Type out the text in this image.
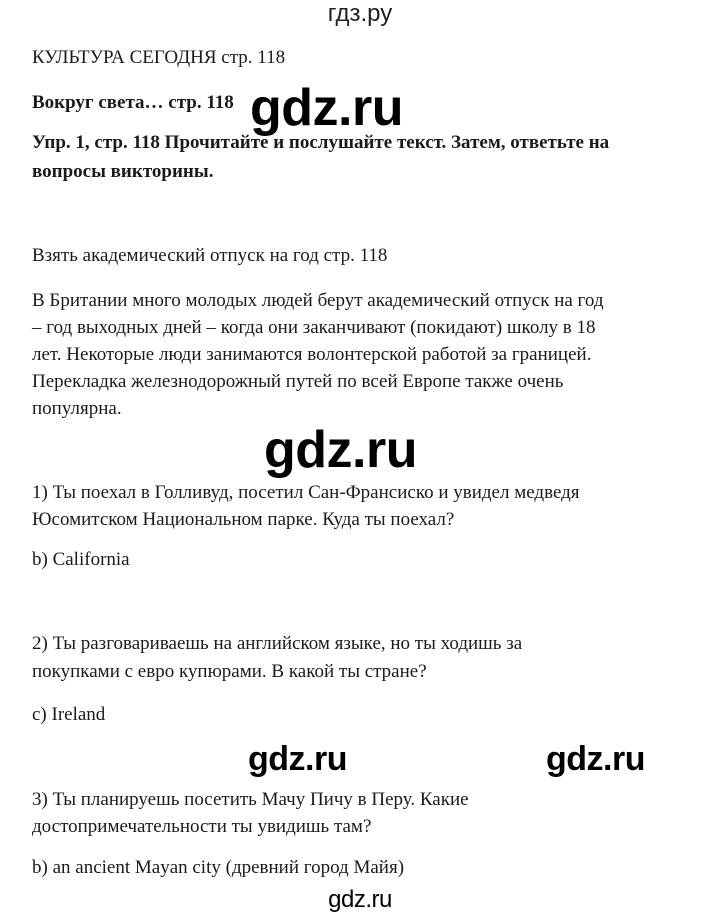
гдз.ру
КУЛЬТУРА СЕГОДНЯ стр. 118
Вокруг света… стр. 118 gdz.ru
Упр. 1, стр. 118 Прочитайте и послушайте текст. Затем, ответьте на
вопросы викторины.
Взять академический отпуск на год стр. 118
В Британии много молодых людей берут академический отпуск на год
– год выходных дней – когда они заканчивают (покидают) школу в 18
лет. Некоторые люди занимаются волонтерской работой за границей.
Перекладка железнодорожный путей по всей Европе также очень
популярна.
gdz.ru
1) Ты поехал в Голливуд, посетил Сан-Франсиско и увидел медведя
Юсомитском Национальном парке. Куда ты поехал?
b) California
2) Ты разговариваешь на английском языке, но ты ходишь за
покупками с евро купюрами. В какой ты стране?
c) Ireland
gdz.ru	gdz.ru
3) Ты планируешь посетить Мачу Пичу в Перу. Какие
достопримечательности ты увидишь там?
b) an ancient Mayan city (древний город Майя)
gdz.ru
